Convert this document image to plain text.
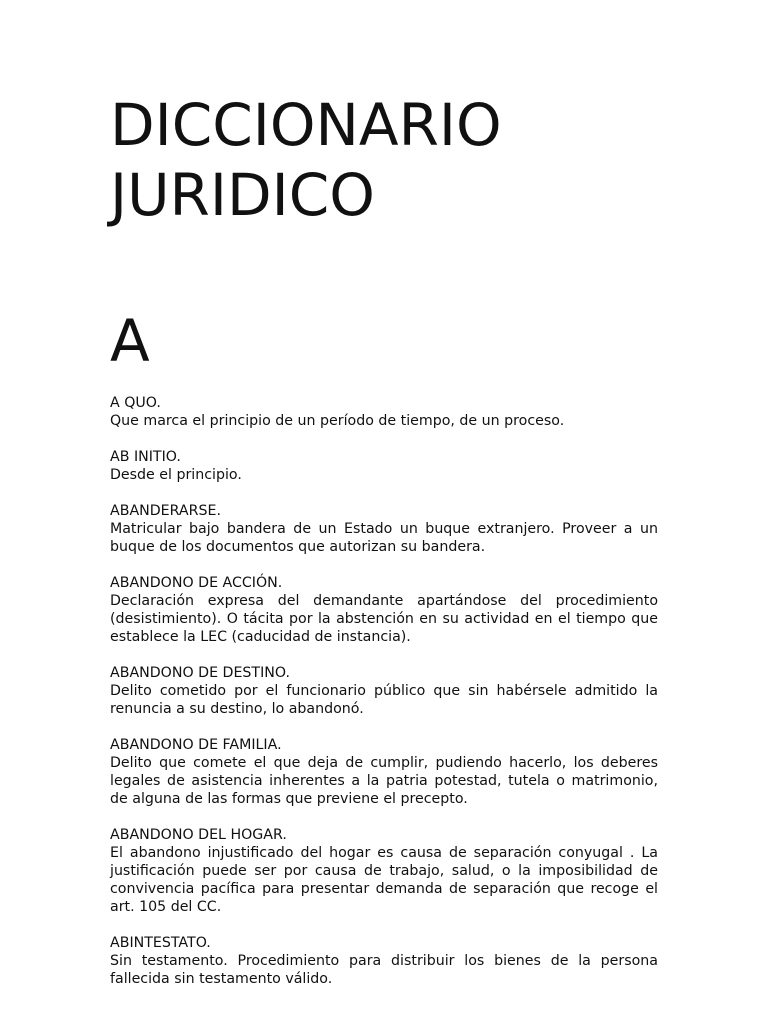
DICCIONARIO
JURIDICO
A

A QUO.

Que marca el principio de un período de tiempo, de un proceso.

AB INITIO.

Desde el principio.

ABANDERARSE.

Matricular bajo bandera de un Estado un buque extranjero. Proveer a un buque de los documentos que autorizan su bandera.

ABANDONO DE ACCIÓN.

Declaración expresa del demandante apartándose del procedimiento (desistimiento). O tácita por la abstención en su actividad en el tiempo que establece la LEC (caducidad de instancia).

ABANDONO DE DESTINO.

Delito cometido por el funcionario público que sin habérsele admitido la renuncia a su destino, lo abandonó.

ABANDONO DE FAMILIA.

Delito que comete el que deja de cumplir, pudiendo hacerlo, los deberes legales de asistencia inherentes a la patria potestad, tutela o matrimonio, de alguna de las formas que previene el precepto.

ABANDONO DEL HOGAR.

El abandono injustificado del hogar es causa de separación conyugal . La justificación puede ser por causa de trabajo, salud, o la imposibilidad de convivencia pacífica para presentar demanda de separación que recoge el art. 105 del CC.

ABINTESTATO.

Sin testamento. Procedimiento para distribuir los bienes de la persona fallecida sin testamento válido.
